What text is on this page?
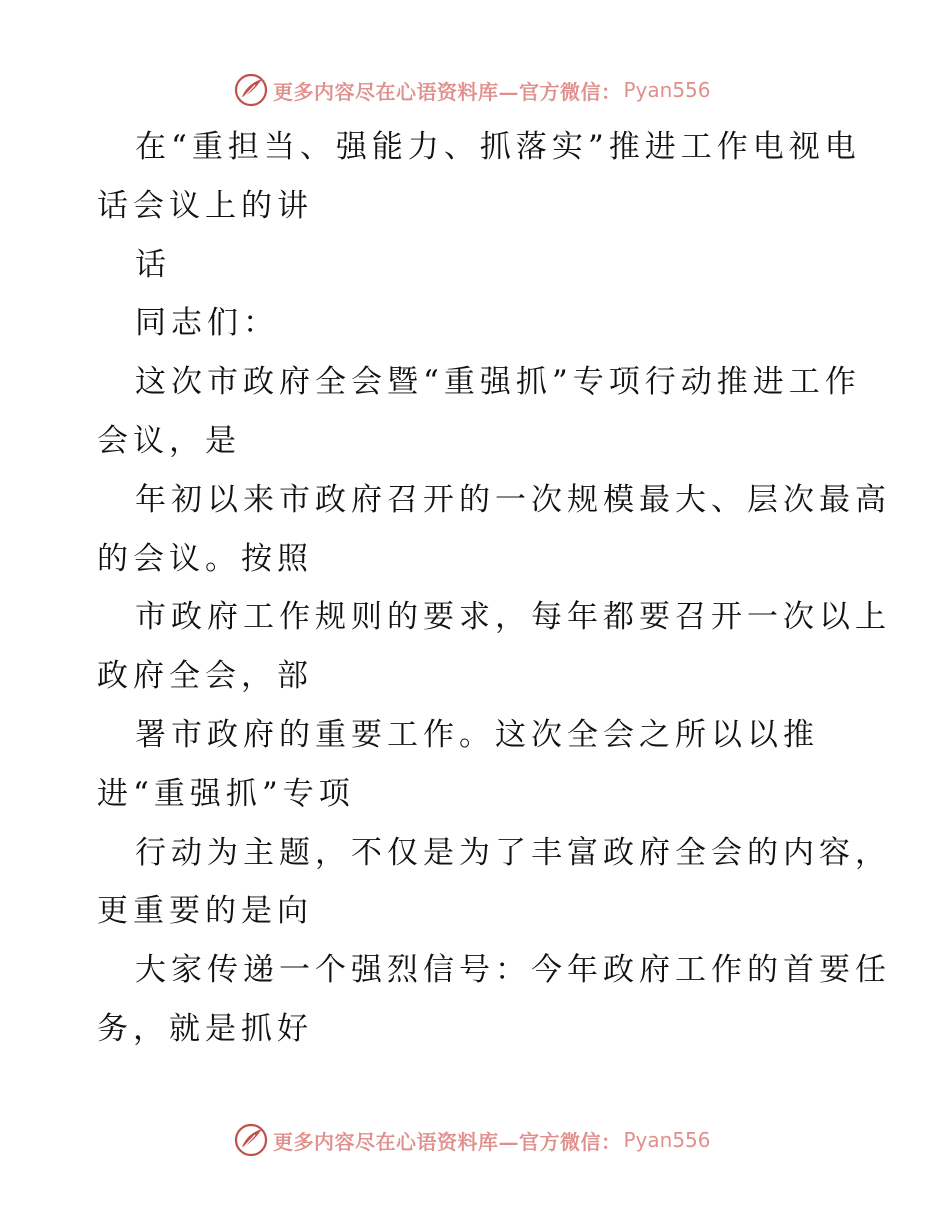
更多内容尽在心语资料库—官方微信： Pyan556
在“重担当、强能力、抓落实”推进工作电视电
话会议上的讲
话
同志们：
这次市政府全会暨“重强抓”专项行动推进工作
会议，是
年初以来市政府召开的一次规模最大、层次最高
的会议。按照
市政府工作规则的要求，每年都要召开一次以上
政府全会，部
署市政府的重要工作。这次全会之所以以推
进“重强抓”专项
行动为主题，不仅是为了丰富政府全会的内容，
更重要的是向
大家传递一个强烈信号：今年政府工作的首要任
务，就是抓好
更多内容尽在心语资料库—官方微信： Pyan556
